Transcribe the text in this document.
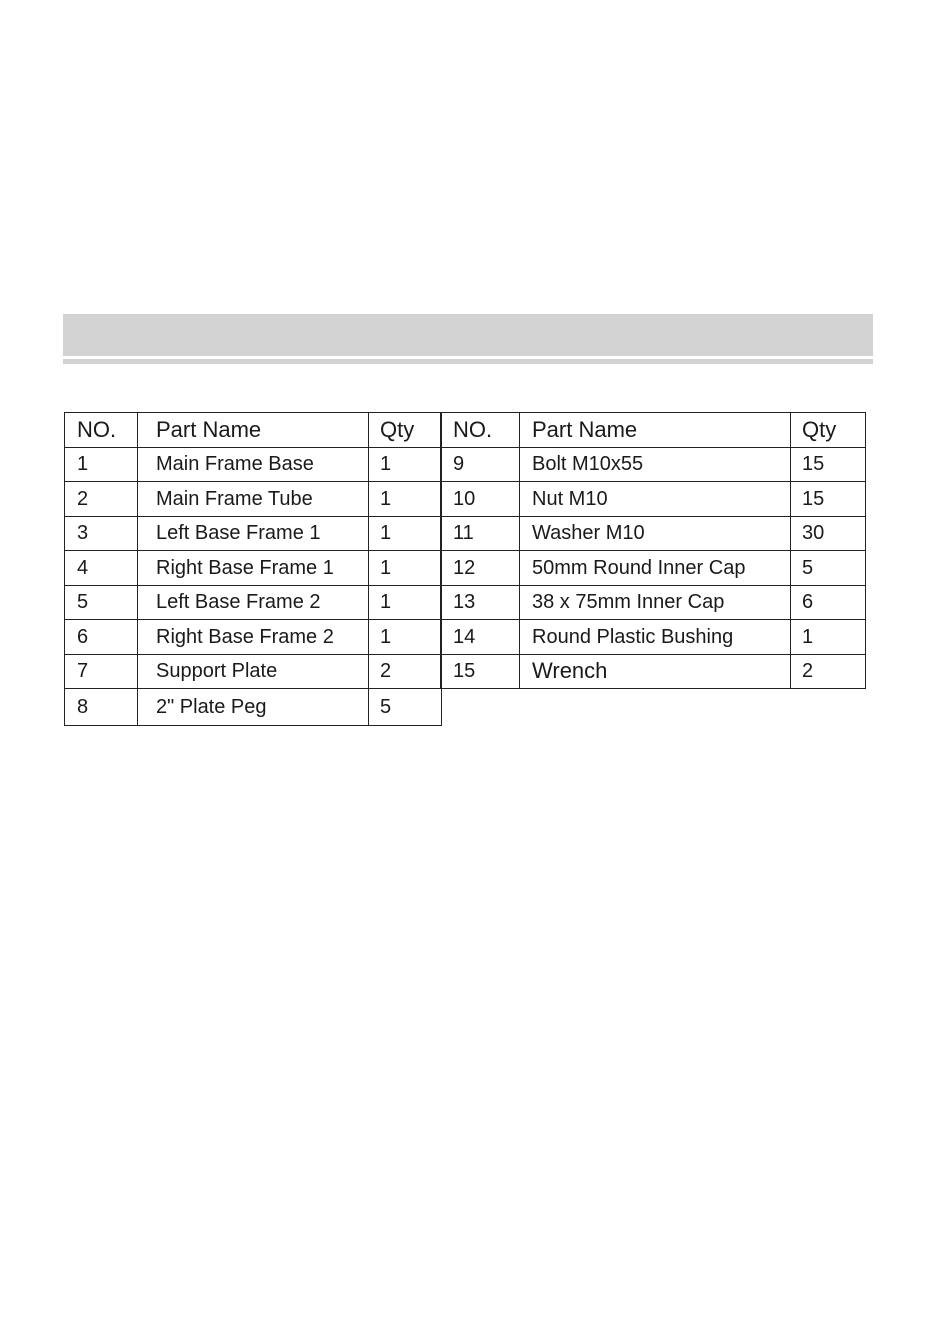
NO.	Part Name	Qty
1	Main Frame Base	1
2	Main Frame Tube	1
3	Left Base Frame 1	1
4	Right Base Frame 1	1
5	Left Base Frame 2	1
6	Right Base Frame 2	1
7	Support Plate	2
8	2" Plate Peg	5
NO.	Part Name	Qty
9	Bolt M10x55	15
10	Nut M10	15
11	Washer M10	30
12	50mm Round Inner Cap	5
13	38 x 75mm Inner Cap	6
14	Round Plastic Bushing	1
15	Wrench	2
